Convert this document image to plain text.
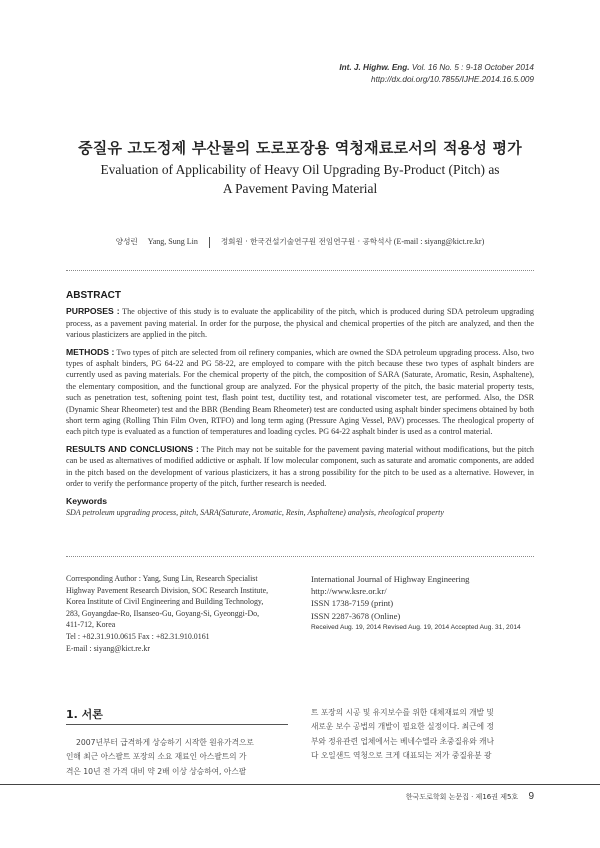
Int. J. Highw. Eng. Vol. 16 No. 5 : 9-18 October 2014
http://dx.doi.org/10.7855/IJHE.2014.16.5.009
중질유 고도정제 부산물의 도로포장용 역청재료로서의 적용성 평가
Evaluation of Applicability of Heavy Oil Upgrading By-Product (Pitch) as
A Pavement Paving Material
양성린 Yang, Sung Lin	정회원 · 한국건설기술연구원 전임연구원 · 공학석사 (E-mail : siyang@kict.re.kr)
ABSTRACT

PURPOSES : The objective of this study is to evaluate the applicability of the pitch, which is produced during SDA petroleum upgrading process, as a pavement paving material. In order for the purpose, the physical and chemical properties of the pitch are analyzed, and then the various plasticizers are applied in the pitch.

METHODS : Two types of pitch are selected from oil refinery companies, which are owned the SDA petroleum upgrading process. Also, two types of asphalt binders, PG 64-22 and PG 58-22, are employed to compare with the pitch because these two types of asphalt binders are currently used as paving materials. For the chemical property of the pitch, the composition of SARA (Saturate, Aromatic, Resin, Asphaltene), the elementary composition, and the functional group are analyzed. For the physical property of the pitch, the basic material property tests, such as penetration test, softening point test, flash point test, ductility test, and rotational viscometer test, are performed. Also, the DSR (Dynamic Shear Rheometer) test and the BBR (Bending Beam Rheometer) test are conducted using asphalt binder specimens obtained by both short term aging (Rolling Thin Film Oven, RTFO) and long term aging (Pressure Aging Vessel, PAV) processes. The rheological property of each pitch type is evaluated as a function of temperatures and loading cycles. PG 64-22 asphalt binder is used as a control material.

RESULTS AND CONCLUSIONS : The Pitch may not be suitable for the pavement paving material without modifications, but the pitch can be used as alternatives of modified addictive or asphalt. If low molecular component, such as saturate and aromatic components, are added in the pitch based on the development of various plasticizers, it has a strong possibility for the pitch to be used as a alternative. However, in order to verify the performance property of the pitch, further research is needed.

Keywords
SDA petroleum upgrading process, pitch, SARA(Saturate, Aromatic, Resin, Asphaltene) analysis, rheological property
Corresponding Author : Yang, Sung Lin, Research Specialist
Highway Pavement Research Division, SOC Research Institute,
Korea Institute of Civil Engineering and Building Technology,
283, Goyangdae-Ro, Ilsanseo-Gu, Goyang-Si, Gyeonggi-Do,
411-712, Korea
Tel : +82.31.910.0615 Fax : +82.31.910.0161
E-mail : siyang@kict.re.kr
International Journal of Highway Engineering
http://www.ksre.or.kr/
ISSN 1738-7159 (print)
ISSN 2287-3678 (Online)
Received Aug. 19, 2014 Revised Aug. 19, 2014 Accepted Aug. 31, 2014
1. 서론
2007년부터 급격하게 상승하기 시작한 원유가격으로
인해 최근 아스팔트 포장의 소요 재료인 아스팔트의 가
격은 10년 전 가격 대비 약 2배 이상 상승하여, 아스팔
트 포장의 시공 및 유지보수를 위한 대체재료의 개발 및
새로운 보수 공법의 개발이 필요한 실정이다. 최근에 정
부와 정유관련 업체에서는 베네수엘라 초중질유와 캐나
다 오일샌드 역청으로 크게 대표되는 저가 중질유분 광
한국도로학회 논문집 · 제16권 제5호 9
